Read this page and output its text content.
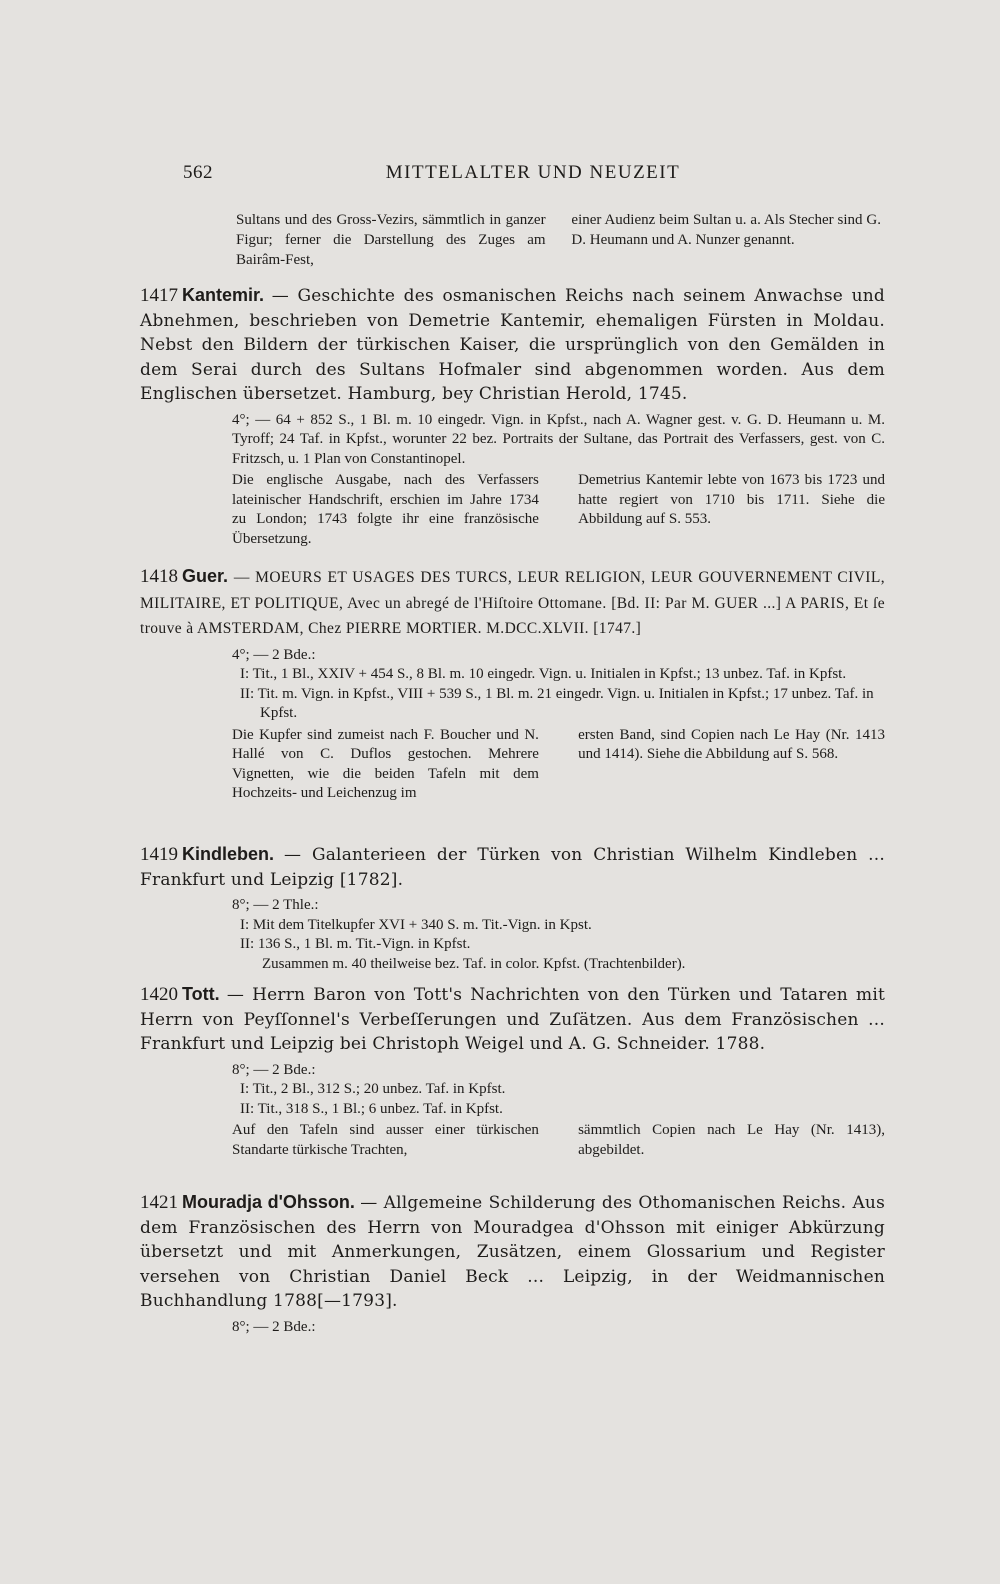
562	MITTELALTER UND NEUZEIT
Sultans und des Gross-Vezirs, sämmtlich in ganzer Figur; ferner die Darstellung des Zuges am Bairâm-Fest,
einer Audienz beim Sultan u. a. Als Stecher sind G. D. Heumann und A. Nunzer genannt.
1417 Kantemir. — Geschichte des osmanischen Reichs nach seinem Anwachse und Abnehmen, beschrieben von Demetrie Kantemir, ehemaligen Fürsten in Moldau. Nebst den Bildern der türkischen Kaiser, die ursprünglich von den Gemälden in dem Serai durch des Sultans Hofmaler sind abgenommen worden. Aus dem Englischen übersetzet. Hamburg, bey Christian Herold, 1745.
4°; — 64 + 852 S., 1 Bl. m. 10 eingedr. Vign. in Kpfst., nach A. Wagner gest. v. G. D. Heumann u. M. Tyroff; 24 Taf. in Kpfst., worunter 22 bez. Portraits der Sultane, das Portrait des Verfassers, gest. von C. Fritzsch, u. 1 Plan von Constantinopel.
Die englische Ausgabe, nach des Verfassers lateinischer Handschrift, erschien im Jahre 1734 zu London; 1743 folgte ihr eine französische Übersetzung.
Demetrius Kantemir lebte von 1673 bis 1723 und hatte regiert von 1710 bis 1711. Siehe die Abbildung auf S. 553.
1418 Guer. — MOEURS ET USAGES DES TURCS, LEUR RELIGION, LEUR GOUVERNEMENT CIVIL, MILITAIRE, ET POLITIQUE, Avec un abregé de l'Hiſtoire Ottomane. [Bd. II: Par M. GUER ...] A PARIS, Et ſe trouve à AMSTERDAM, Chez PIERRE MORTIER. M.DCC.XLVII. [1747.]
4°; — 2 Bde.:
I: Tit., 1 Bl., XXIV + 454 S., 8 Bl. m. 10 eingedr. Vign. u. Initialen in Kpfst.; 13 unbez. Taf. in Kpfst.
II: Tit. m. Vign. in Kpfst., VIII + 539 S., 1 Bl. m. 21 eingedr. Vign. u. Initialen in Kpfst.; 17 unbez. Taf. in Kpfst.
Die Kupfer sind zumeist nach F. Boucher und N. Hallé von C. Duflos gestochen. Mehrere Vignetten, wie die beiden Tafeln mit dem Hochzeits- und Leichenzug im
ersten Band, sind Copien nach Le Hay (Nr. 1413 und 1414). Siehe die Abbildung auf S. 568.
1419 Kindleben. — Galanterieen der Türken von Christian Wilhelm Kindleben ... Frankfurt und Leipzig [1782].
8°; — 2 Thle.:
I: Mit dem Titelkupfer XVI + 340 S. m. Tit.-Vign. in Kpst.
II: 136 S., 1 Bl. m. Tit.-Vign. in Kpfst.
Zusammen m. 40 theilweise bez. Taf. in color. Kpfst. (Trachtenbilder).
1420 Tott. — Herrn Baron von Tott's Nachrichten von den Türken und Tataren mit Herrn von Peyſſonnel's Verbeſſerungen und Zuſätzen. Aus dem Französischen ... Frankfurt und Leipzig bei Christoph Weigel und A. G. Schneider. 1788.
8°; — 2 Bde.:
I: Tit., 2 Bl., 312 S.; 20 unbez. Taf. in Kpfst.
II: Tit., 318 S., 1 Bl.; 6 unbez. Taf. in Kpfst.
Auf den Tafeln sind ausser einer türkischen Standarte türkische Trachten,
sämmtlich Copien nach Le Hay (Nr. 1413), abgebildet.
1421 Mouradja d'Ohsson. — Allgemeine Schilderung des Othomanischen Reichs. Aus dem Französischen des Herrn von Mouradgea d'Ohsson mit einiger Abkürzung übersetzt und mit Anmerkungen, Zusätzen, einem Glossarium und Register versehen von Christian Daniel Beck ... Leipzig, in der Weidmannischen Buchhandlung 1788[—1793].
8°; — 2 Bde.:
